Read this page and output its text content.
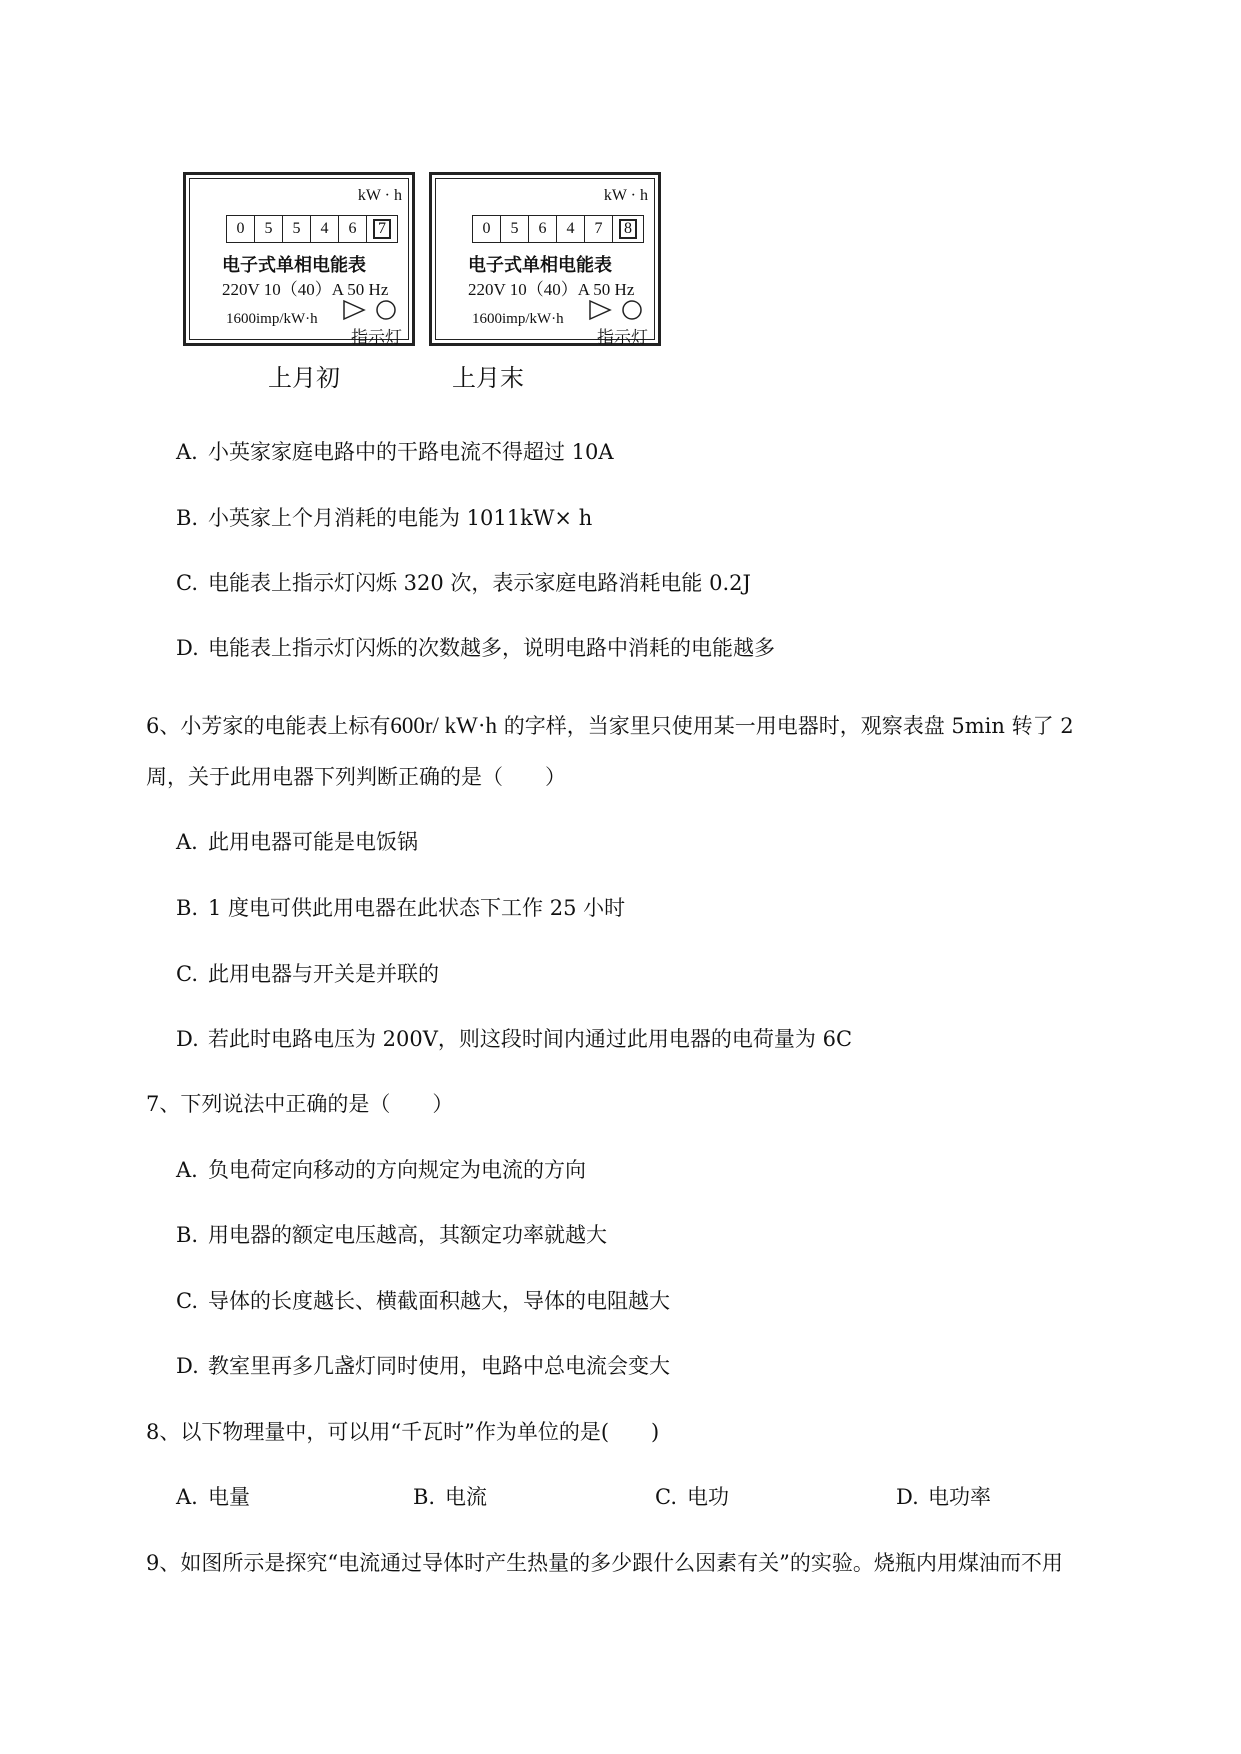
kW · h
0	5	5	4	6	7
电子式单相电能表
220V 10（40）A 50 Hz
1600imp/kW·h
指示灯
kW · h
0	5	6	4	7	8
电子式单相电能表
220V 10（40）A 50 Hz
1600imp/kW·h
指示灯
上月初	上月末
A. 小英家家庭电路中的干路电流不得超过 10A
B. 小英家上个月消耗的电能为 1011kW× h
C. 电能表上指示灯闪烁 320 次，表示家庭电路消耗电能 0.2J
D. 电能表上指示灯闪烁的次数越多，说明电路中消耗的电能越多
6、小芳家的电能表上标有600r/ kW·h 的字样，当家里只使用某一用电器时，观察表盘 5min 转了 2
周，关于此用电器下列判断正确的是（　　）
A. 此用电器可能是电饭锅
B. 1 度电可供此用电器在此状态下工作 25 小时
C. 此用电器与开关是并联的
D. 若此时电路电压为 200V，则这段时间内通过此用电器的电荷量为 6C
7、下列说法中正确的是（　　）
A. 负电荷定向移动的方向规定为电流的方向
B. 用电器的额定电压越高，其额定功率就越大
C. 导体的长度越长、横截面积越大，导体的电阻越大
D. 教室里再多几盏灯同时使用，电路中总电流会变大
8、以下物理量中，可以用“千瓦时”作为单位的是(　　)
A. 电量	B. 电流	C. 电功	D. 电功率
9、如图所示是探究“电流通过导体时产生热量的多少跟什么因素有关”的实验。烧瓶内用煤油而不用
